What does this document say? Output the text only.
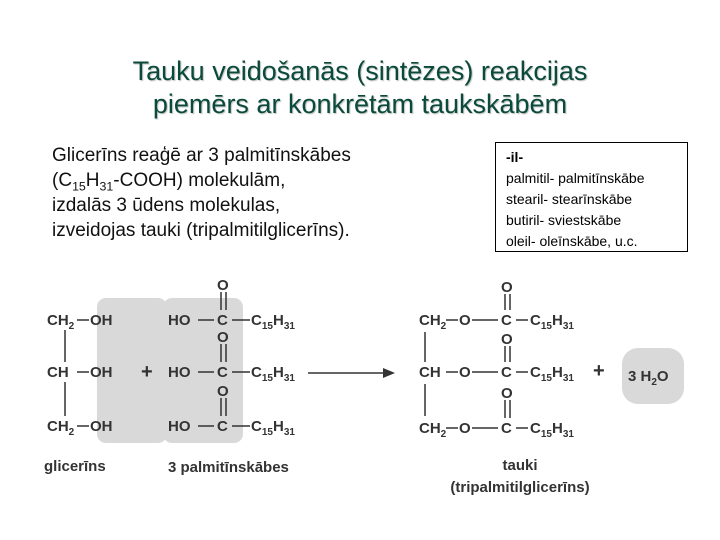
Tauku veidošanās (sintēzes) reakcijas
piemērs ar konkrētām taukskābēm
Glicerīns reaģē ar 3 palmitīnskābes
$(C_{15}H_{31}-COOH)$ molekulām,
izdalās 3 ūdens molekulas,
izveidojas tauki (tripalmitilglicerīns).
-il-
palmitil- palmitīnskābe
stearil- stearīnskābe
butiril- sviestskābe
oleil- oleīnskābe, u.c.
$CH_2$ OH
CH OH
$CH_2$ OH
+
O
HO C $C_{15}H_{31}$
O
HO C $C_{15}H_{31}$
O
HO C $C_{15}H_{31}$
O
$CH_2$ O C $C_{15}H_{31}$
O
CH O C $C_{15}H_{31}$
O
$CH_2$ O C $C_{15}H_{31}$
+ 3 $H_2O$
glicerīns	3 palmitīnskābes	tauki
(tripalmitilglicerīns)
